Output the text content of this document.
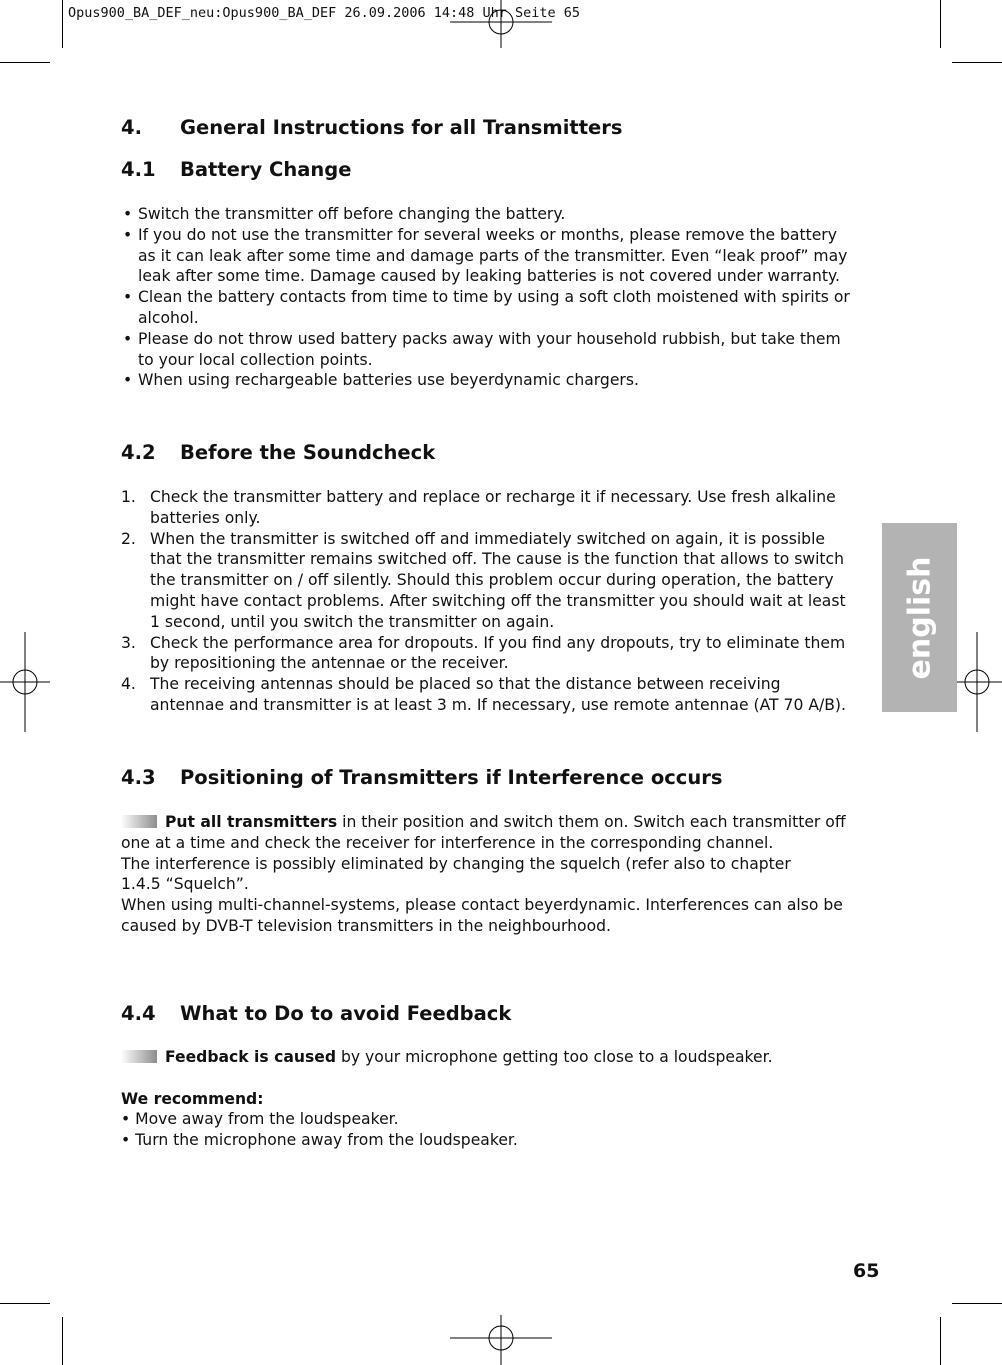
Opus900_BA_DEF_neu:Opus900_BA_DEF 26.09.2006 14:48 Uhr Seite 65
english
4. General Instructions for all Transmitters
4.1 Battery Change
• Switch the transmitter off before changing the battery.
• If you do not use the transmitter for several weeks or months, please remove the battery as it can leak after some time and damage parts of the transmitter. Even “leak proof” may leak after some time. Damage caused by leaking batteries is not covered under warranty.
• Clean the battery contacts from time to time by using a soft cloth moistened with spirits or alcohol.
• Please do not throw used battery packs away with your household rubbish, but take them to your local collection points.
• When using rechargeable batteries use beyerdynamic chargers.
4.2 Before the Soundcheck
1. Check the transmitter battery and replace or recharge it if necessary. Use fresh alkaline batteries only.
2. When the transmitter is switched off and immediately switched on again, it is possible that the transmitter remains switched off. The cause is the function that allows to switch the transmitter on / off silently. Should this problem occur during operation, the battery might have contact problems. After switching off the transmitter you should wait at least 1 second, until you switch the transmitter on again.
3. Check the performance area for dropouts. If you find any dropouts, try to eliminate them by repositioning the antennae or the receiver.
4. The receiving antennas should be placed so that the distance between receiving antennae and transmitter is at least 3 m. If necessary, use remote antennae (AT 70 A/B).
4.3 Positioning of Transmitters if Interference occurs

Put all transmitters in their position and switch them on. Switch each transmitter off one at a time and check the receiver for interference in the corresponding channel.

The interference is possibly eliminated by changing the squelch (refer also to chapter 1.4.5 “Squelch”.

When using multi-channel-systems, please contact beyerdynamic. Interferences can also be caused by DVB-T television transmitters in the neighbourhood.

4.4 What to Do to avoid Feedback

Feedback is caused by your microphone getting too close to a loudspeaker.

We recommend:

• Move away from the loudspeaker.

• Turn the microphone away from the loudspeaker.

65
